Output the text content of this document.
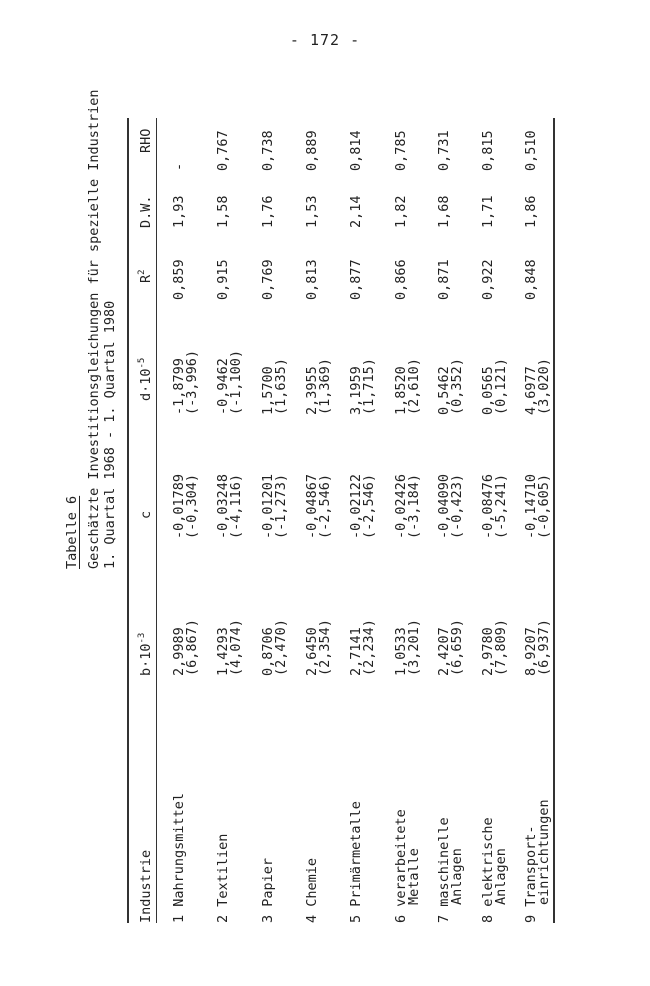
- 172 -
Tabelle 6 Geschätzte Investitionsgleichungen für spezielle Industrien 1. Quartal 1968 - 1. Quartal 1980
Industrie
$b\cdot 10^{-3}$
c
$d\cdot 10^{-5}$
$R^2$
D.W.
RHO
1 Nahrungsmittel
2,9989
(6,867)
-0,01789
(-0,304)
-1,8799
(-3,996)
0,859
1,93
-
2 Textilien
1,4293
(4,074)
-0,03248
(-4,116)
-0,9462
(-1,100)
0,915
1,58
0,767
3 Papier
0,8706
(2,470)
-0,01201
(-1,273)
1,5700
(1,635)
0,769
1,76
0,738
4 Chemie
2,6450
(2,354)
-0,04867
(-2,546)
2,3955
(1,369)
0,813
1,53
0,889
5 Primärmetalle
2,7141
(2,234)
-0,02122
(-2,546)
3,1959
(1,715)
0,877
2,14
0,814
6 verarbeitete
Metalle
1,0533
(3,201)
-0,02426
(-3,184)
1,8520
(2,610)
0,866
1,82
0,785
7 maschinelle
Anlagen
2,4207
(6,659)
-0,04090
(-0,423)
0,5462
(0,352)
0,871
1,68
0,731
8 elektrische
Anlagen
2,9780
(7,809)
-0,08476
(-5,241)
0,0565
(0,121)
0,922
1,71
0,815
9 Transport-
einrichtungen
8,9207
(6,937)
-0,14710
(-0,605)
4,6977
(3,020)
0,848
1,86
0,510
